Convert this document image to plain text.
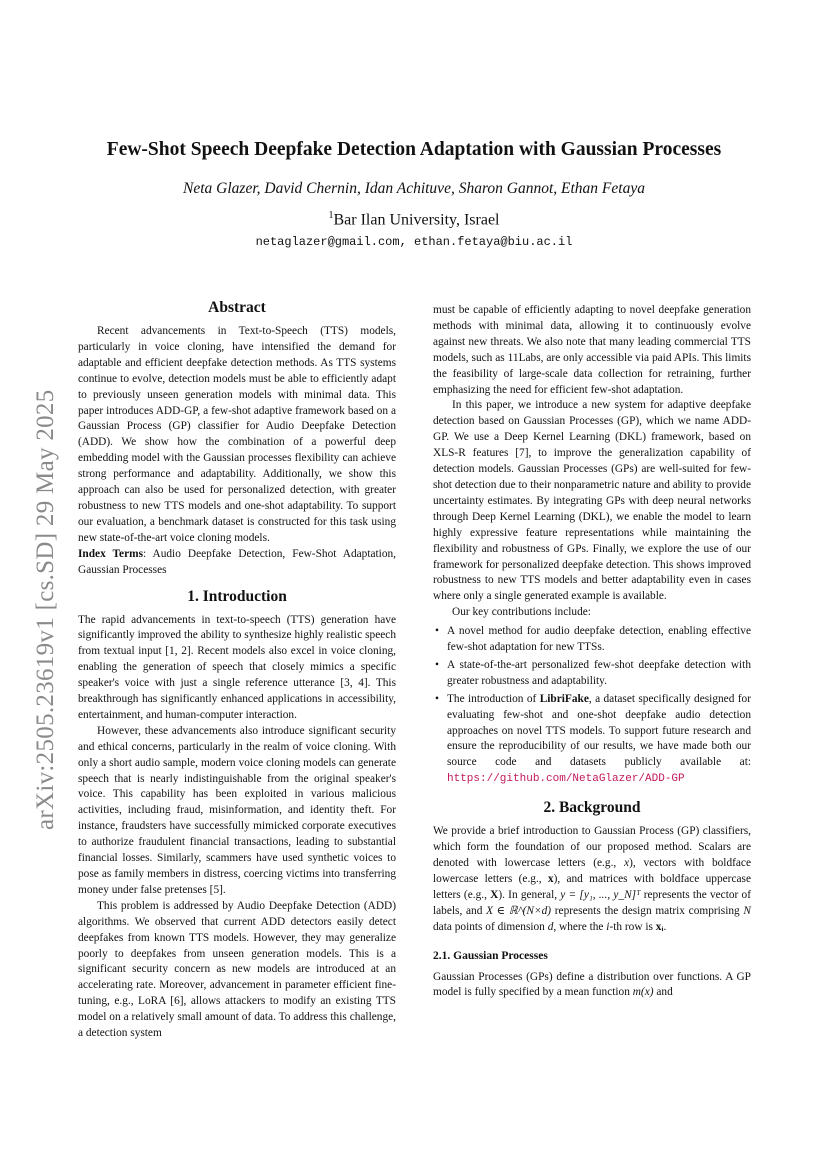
arXiv:2505.23619v1 [cs.SD] 29 May 2025
Few-Shot Speech Deepfake Detection Adaptation with Gaussian Processes
Neta Glazer, David Chernin, Idan Achituve, Sharon Gannot, Ethan Fetaya
$^1$Bar Ilan University, Israel
netaglazer@gmail.com, ethan.fetaya@biu.ac.il
Abstract

Recent advancements in Text-to-Speech (TTS) models, particularly in voice cloning, have intensified the demand for adaptable and efficient deepfake detection methods. As TTS systems continue to evolve, detection models must be able to efficiently adapt to previously unseen generation models with minimal data. This paper introduces ADD-GP, a few-shot adaptive framework based on a Gaussian Process (GP) classifier for Audio Deepfake Detection (ADD). We show how the combination of a powerful deep embedding model with the Gaussian processes flexibility can achieve strong performance and adaptability. Additionally, we show this approach can also be used for personalized detection, with greater robustness to new TTS models and one-shot adaptability. To support our evaluation, a benchmark dataset is constructed for this task using new state-of-the-art voice cloning models.

Index Terms: Audio Deepfake Detection, Few-Shot Adaptation, Gaussian Processes

1. Introduction

The rapid advancements in text-to-speech (TTS) generation have significantly improved the ability to synthesize highly realistic speech from textual input [1, 2]. Recent models also excel in voice cloning, enabling the generation of speech that closely mimics a specific speaker's voice with just a single reference utterance [3, 4]. This breakthrough has significantly enhanced applications in accessibility, entertainment, and human-computer interaction.

However, these advancements also introduce significant security and ethical concerns, particularly in the realm of voice cloning. With only a short audio sample, modern voice cloning models can generate speech that is nearly indistinguishable from the original speaker's voice. This capability has been exploited in various malicious activities, including fraud, misinformation, and identity theft. For instance, fraudsters have successfully mimicked corporate executives to authorize fraudulent financial transactions, leading to substantial financial losses. Similarly, scammers have used synthetic voices to pose as family members in distress, coercing victims into transferring money under false pretenses [5].

This problem is addressed by Audio Deepfake Detection (ADD) algorithms. We observed that current ADD detectors easily detect deepfakes from known TTS models. However, they may generalize poorly to deepfakes from unseen generation models. This is a significant security concern as new models are introduced at an accelerating rate. Moreover, advancement in parameter efficient fine-tuning, e.g., LoRA [6], allows attackers to modify an existing TTS model on a relatively small amount of data. To address this challenge, a detection system

must be capable of efficiently adapting to novel deepfake generation methods with minimal data, allowing it to continuously evolve against new threats. We also note that many leading commercial TTS models, such as 11Labs, are only accessible via paid APIs. This limits the feasibility of large-scale data collection for retraining, further emphasizing the need for efficient few-shot adaptation.

In this paper, we introduce a new system for adaptive deepfake detection based on Gaussian Processes (GP), which we name ADD-GP. We use a Deep Kernel Learning (DKL) framework, based on XLS-R features [7], to improve the generalization capability of detection models. Gaussian Processes (GPs) are well-suited for few-shot detection due to their nonparametric nature and ability to provide uncertainty estimates. By integrating GPs with deep neural networks through Deep Kernel Learning (DKL), we enable the model to learn highly expressive feature representations while maintaining the flexibility and robustness of GPs. Finally, we explore the use of our framework for personalized deepfake detection. This shows improved robustness to new TTS models and better adaptability even in cases where only a single generated example is available.

Our key contributions include:

• A novel method for audio deepfake detection, enabling effective few-shot adaptation for new TTSs.
• A state-of-the-art personalized few-shot deepfake detection with greater robustness and adaptability.
• The introduction of LibriFake, a dataset specifically designed for evaluating few-shot and one-shot deepfake audio detection approaches on novel TTS models. To support future research and ensure the reproducibility of our results, we have made both our source code and datasets publicly available at: https://github.com/NetaGlazer/ADD-GP
2. Background

We provide a brief introduction to Gaussian Process (GP) classifiers, which form the foundation of our proposed method. Scalars are denoted with lowercase letters (e.g., x), vectors with boldface lowercase letters (e.g., x), and matrices with boldface uppercase letters (e.g., X). In general, y = [y₁, ..., y_N]ᵀ represents the vector of labels, and X ∈ ℝ^(N×d) represents the design matrix comprising N data points of dimension d, where the i-th row is xᵢ.

2.1. Gaussian Processes

Gaussian Processes (GPs) define a distribution over functions. A GP model is fully specified by a mean function m(x) and
